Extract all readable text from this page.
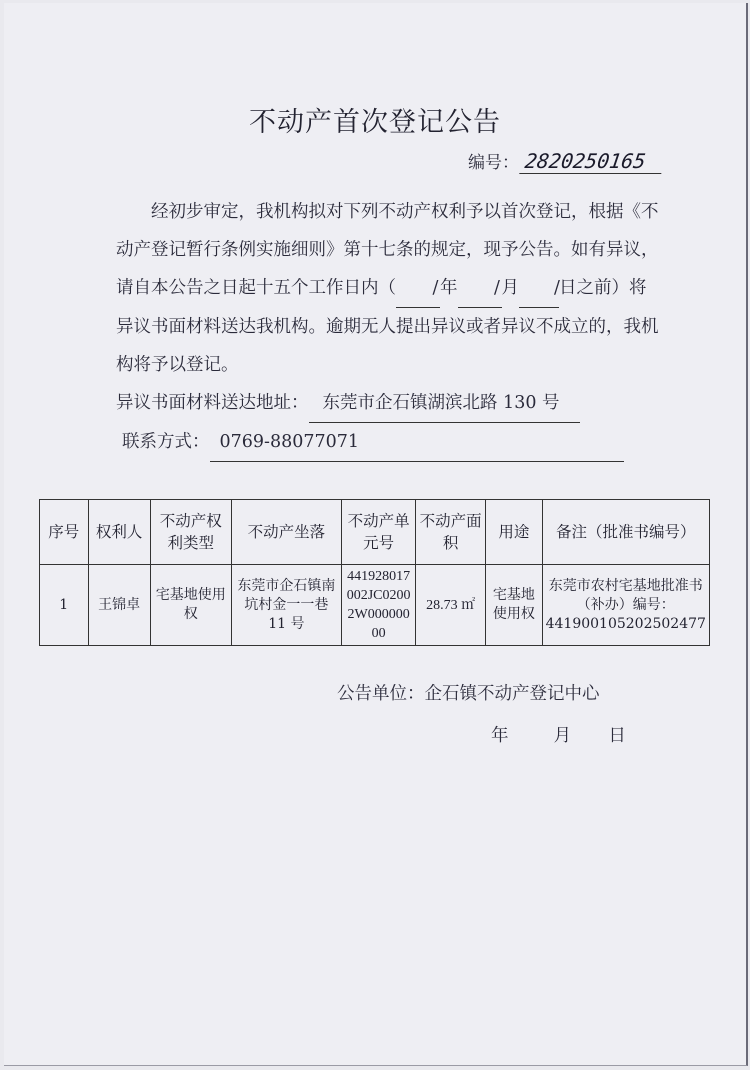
不动产首次登记公告
编号： 2820250165

经初步审定，我机构拟对下列不动产权利予以首次登记，根据《不动产登记暂行条例实施细则》第十七条的规定，现予公告。如有异议，请自本公告之日起十五个工作日内（ /年 /月 /日之前）将异议书面材料送达我机构。逾期无人提出异议或者异议不成立的，我机构将予以登记。

异议书面材料送达地址： 东莞市企石镇湖滨北路 130 号

联系方式： 0769-88077071

序号	权利人	不动产权利类型	不动产坐落	不动产单元号	不动产面积	用途	备注（批准书编号）
1	王锦卓	宅基地使用权	东莞市企石镇南坑村金一一巷 11 号	441928017002JC02002W00000000	28.73 ㎡	宅基地使用权	东莞市农村宅基地批准书（补办）编号：441900105202502477
公告单位：企石镇不动产登记中心
年	月 日
